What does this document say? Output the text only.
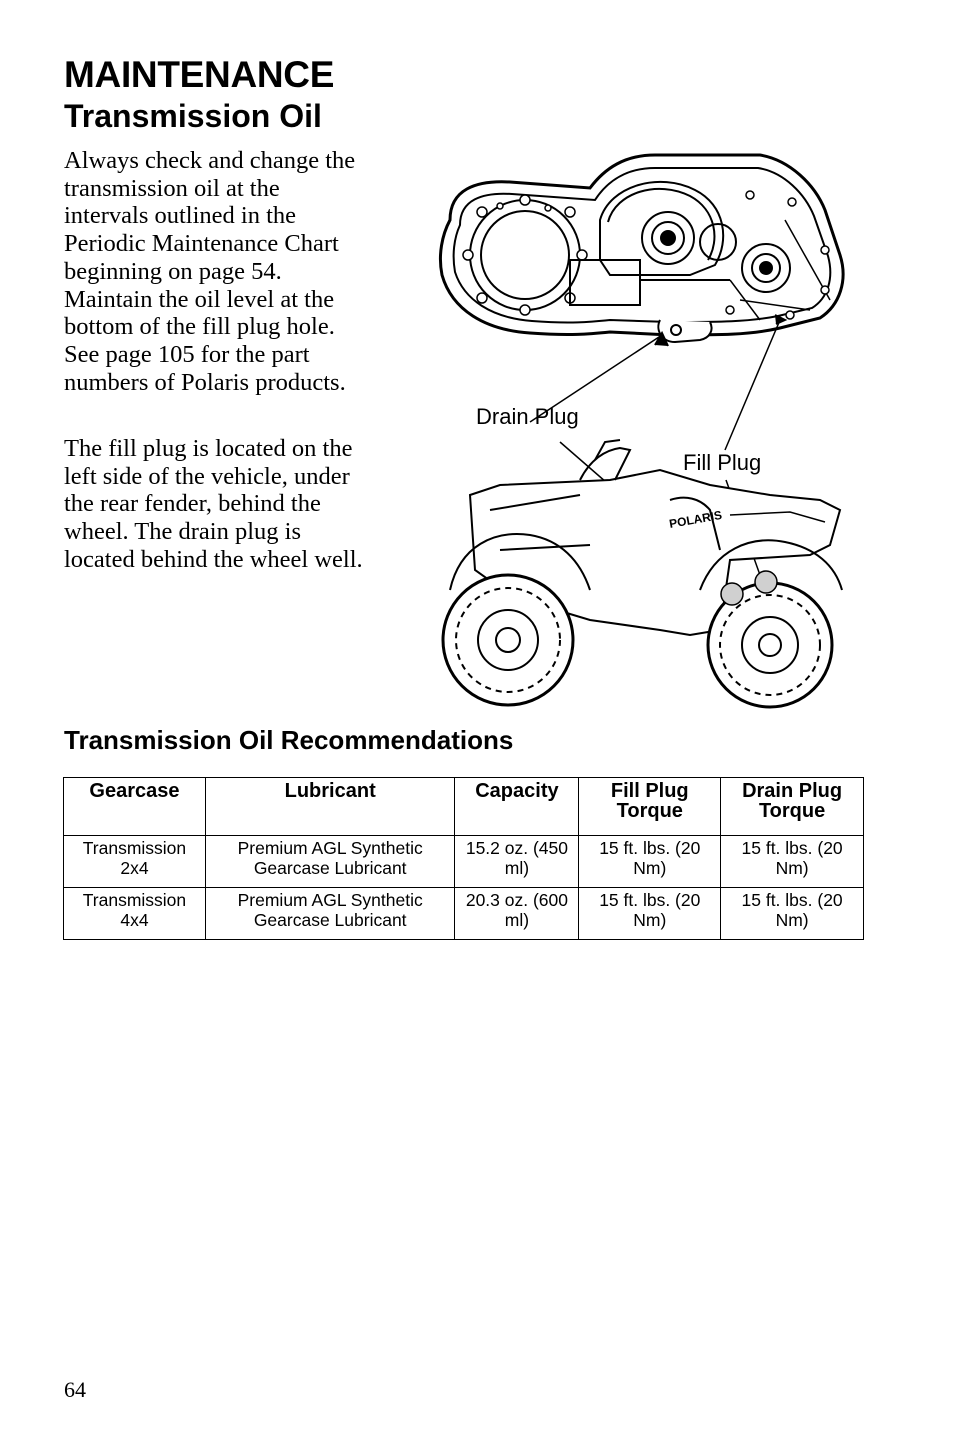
MAINTENANCE
Transmission Oil

Always check and change the transmission oil at the intervals outlined in the Periodic Maintenance Chart beginning on page 54. Maintain the oil level at the bottom of the fill plug hole. See page 105 for the part numbers of Polaris products.

The fill plug is located on the left side of the vehicle, under the rear fender, behind the wheel. The drain plug is located behind the wheel well.

POLARIS
Drain Plug
Fill Plug
Transmission Oil Recommendations
Gearcase	Lubricant	Capacity	Fill Plug Torque	Drain Plug Torque
Transmission 2x4	Premium AGL Synthetic Gearcase Lubricant	15.2 oz. (450 ml)	15 ft. lbs. (20 Nm)	15 ft. lbs. (20 Nm)
Transmission 4x4	Premium AGL Synthetic Gearcase Lubricant	20.3 oz. (600 ml)	15 ft. lbs. (20 Nm)	15 ft. lbs. (20 Nm)
64
